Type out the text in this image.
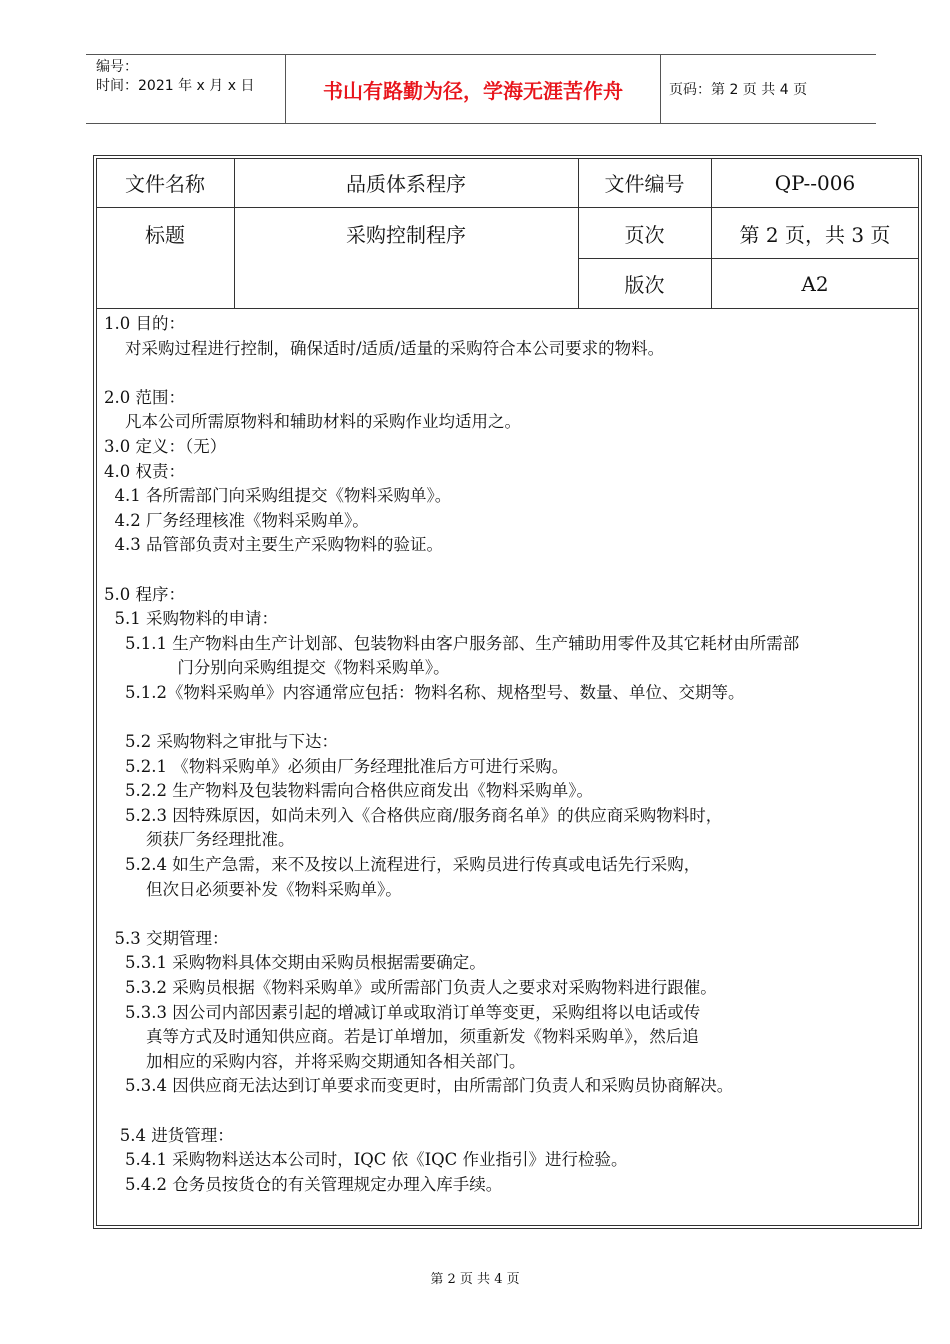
编号：
时间：2021 年 x 月 x 日	书山有路勤为径，学海无涯苦作舟	页码：第 2 页 共 4 页
文件名称	品质体系程序	文件编号	QP--006
标题	采购控制程序	页次	第 2 页，共 3 页
版次	A2
1.0 目的：
对采购过程进行控制，确保适时/适质/适量的采购符合本公司要求的物料。
2.0 范围：
凡本公司所需原物料和辅助材料的采购作业均适用之。
3.0 定义：（无）
4.0 权责：
4.1 各所需部门向采购组提交《物料采购单》。
4.2 厂务经理核准《物料采购单》。
4.3 品管部负责对主要生产采购物料的验证。
5.0 程序：
5.1 采购物料的申请：
5.1.1 生产物料由生产计划部、包装物料由客户服务部、生产辅助用零件及其它耗材由所需部
门分别向采购组提交《物料采购单》。
5.1.2《物料采购单》内容通常应包括：物料名称、规格型号、数量、单位、交期等。
5.2 采购物料之审批与下达：
5.2.1 《物料采购单》必须由厂务经理批准后方可进行采购。
5.2.2 生产物料及包装物料需向合格供应商发出《物料采购单》。
5.2.3 因特殊原因，如尚未列入《合格供应商/服务商名单》的供应商采购物料时，
须获厂务经理批准。
5.2.4 如生产急需，来不及按以上流程进行，采购员进行传真或电话先行采购，
但次日必须要补发《物料采购单》。
5.3 交期管理：
5.3.1 采购物料具体交期由采购员根据需要确定。
5.3.2 采购员根据《物料采购单》或所需部门负责人之要求对采购物料进行跟催。
5.3.3 因公司内部因素引起的增减订单或取消订单等变更，采购组将以电话或传
真等方式及时通知供应商。若是订单增加，须重新发《物料采购单》，然后追
加相应的采购内容，并将采购交期通知各相关部门。
5.3.4 因供应商无法达到订单要求而变更时，由所需部门负责人和采购员协商解决。
5.4 进货管理：
5.4.1 采购物料送达本公司时，IQC 依《IQC 作业指引》进行检验。
5.4.2 仓务员按货仓的有关管理规定办理入库手续。
第 2 页 共 4 页
